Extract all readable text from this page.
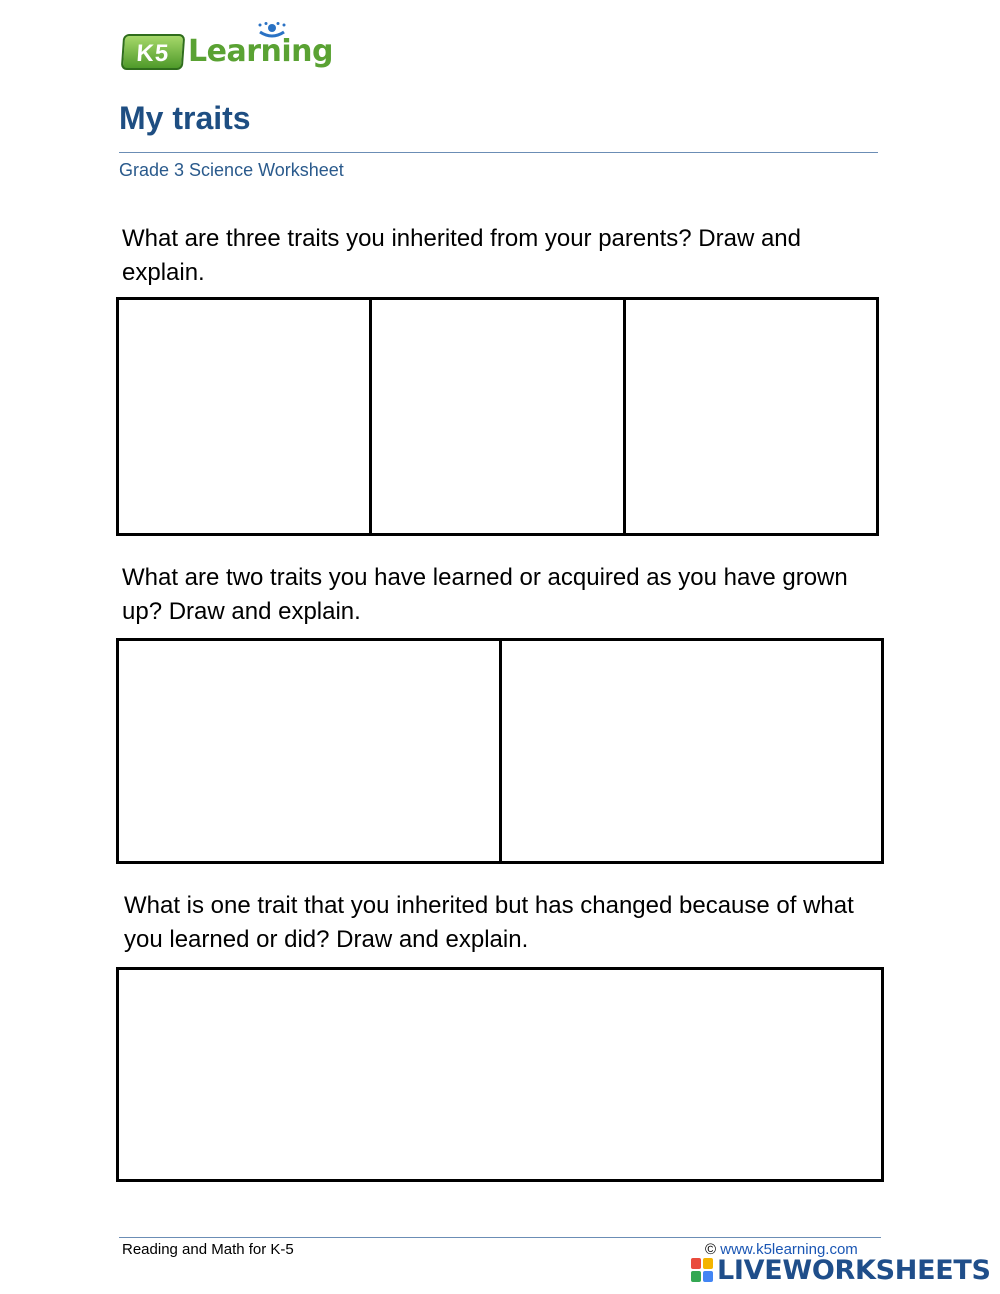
K5 Learning
My traits
Grade 3 Science Worksheet
What are three traits you inherited from your parents? Draw and explain.
What are two traits you have learned or acquired as you have grown up? Draw and explain.
What is one trait that you inherited but has changed because of what you learned or did? Draw and explain.
Reading and Math for K-5	© www.k5learning.com
LIVEWORKSHEETS
